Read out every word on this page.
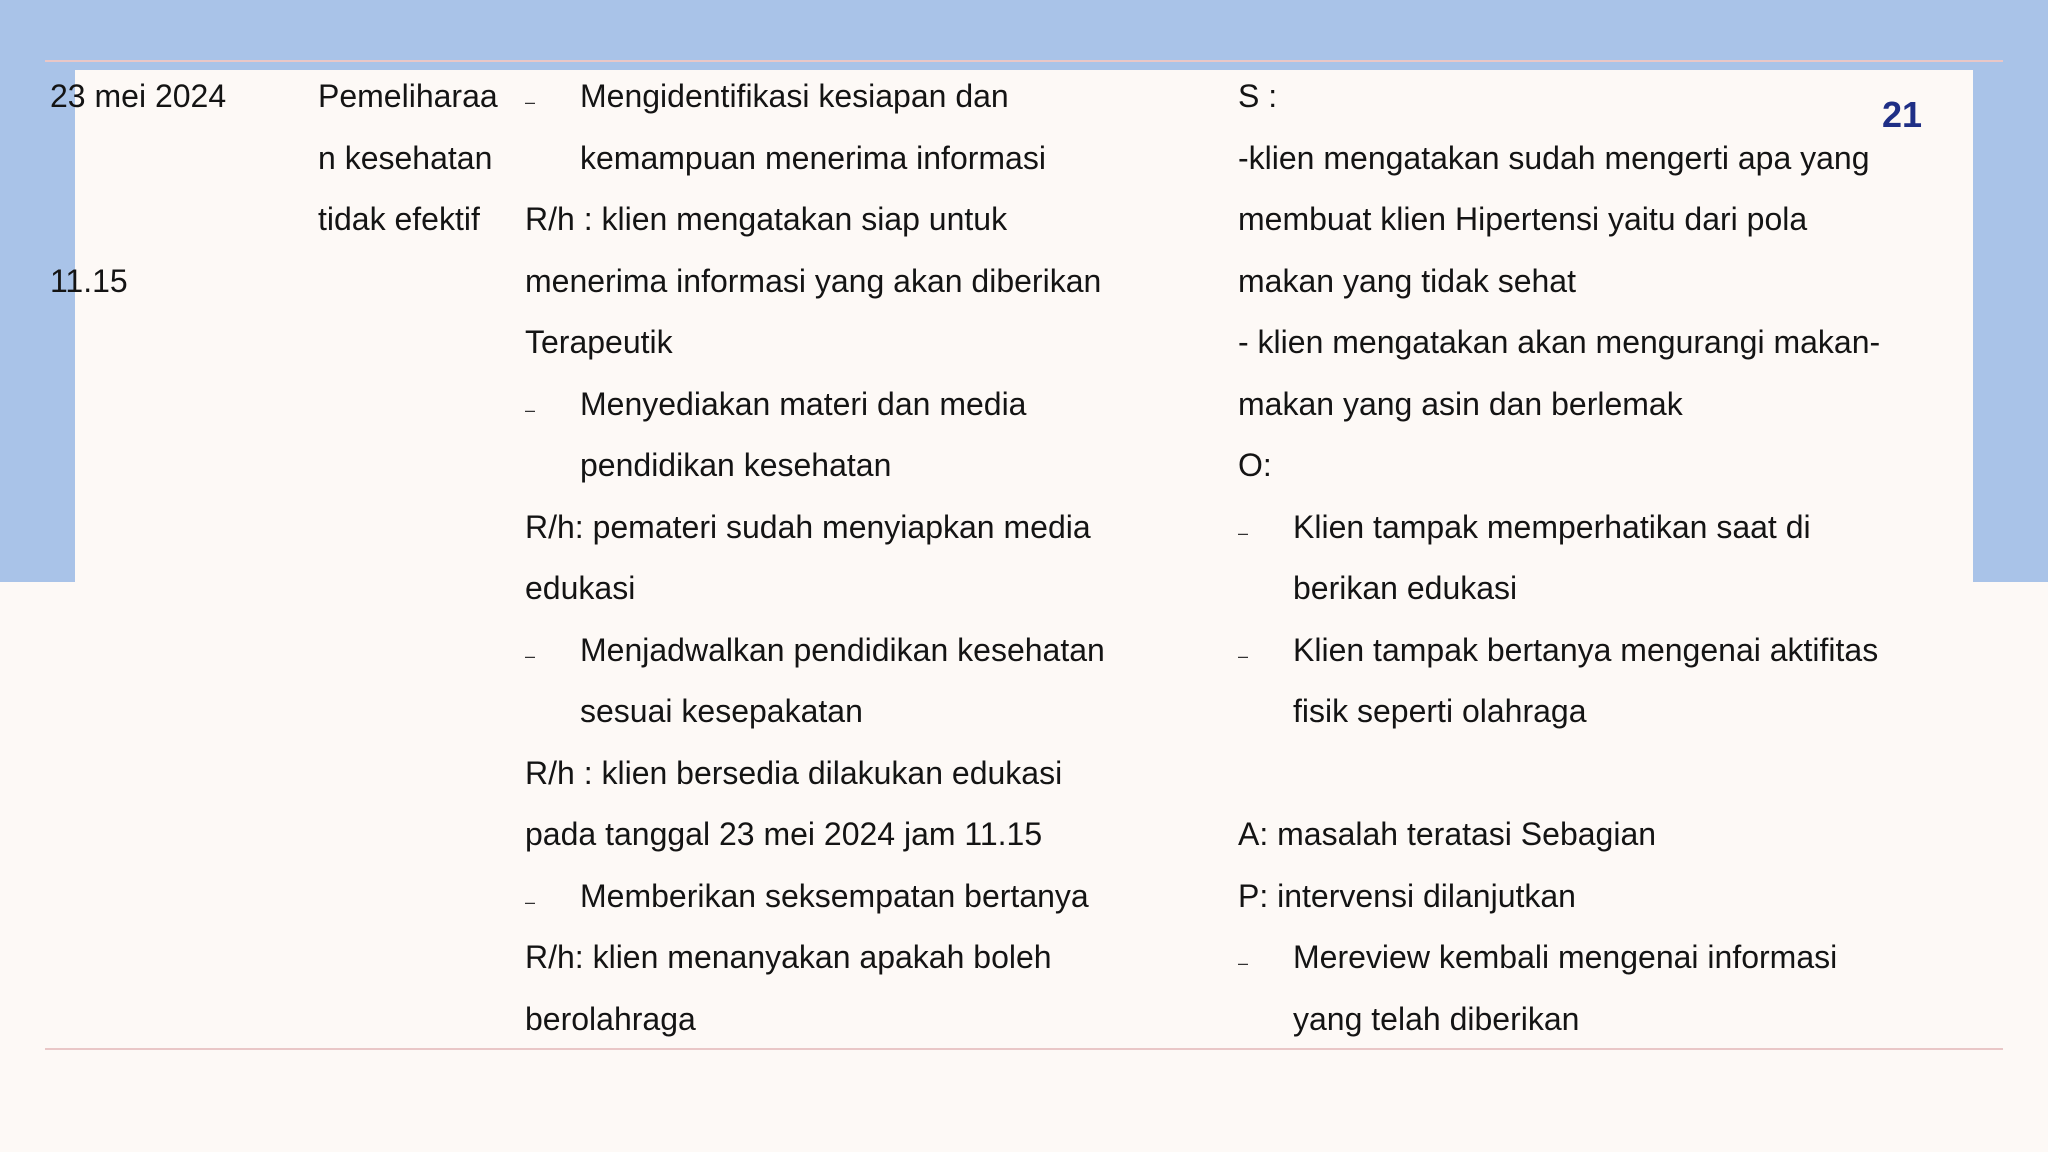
21
23 mei 2024
11.15
Pemeliharaa
n kesehatan
tidak efektif
– Mengidentifikasi kesiapan dan
kemampuan menerima informasi
R/h : klien mengatakan siap untuk
menerima informasi yang akan diberikan
Terapeutik
– Menyediakan materi dan media
pendidikan kesehatan
R/h: pemateri sudah menyiapkan media
edukasi
– Menjadwalkan pendidikan kesehatan
sesuai kesepakatan
R/h : klien bersedia dilakukan edukasi
pada tanggal 23 mei 2024 jam 11.15
– Memberikan seksempatan bertanya
R/h: klien menanyakan apakah boleh
berolahraga
S :
-klien mengatakan sudah mengerti apa yang
membuat klien Hipertensi yaitu dari pola
makan yang tidak sehat
- klien mengatakan akan mengurangi makan-
makan yang asin dan berlemak
O:
– Klien tampak memperhatikan saat di
berikan edukasi
– Klien tampak bertanya mengenai aktifitas
fisik seperti olahraga
A: masalah teratasi Sebagian
P: intervensi dilanjutkan
– Mereview kembali mengenai informasi
yang telah diberikan
